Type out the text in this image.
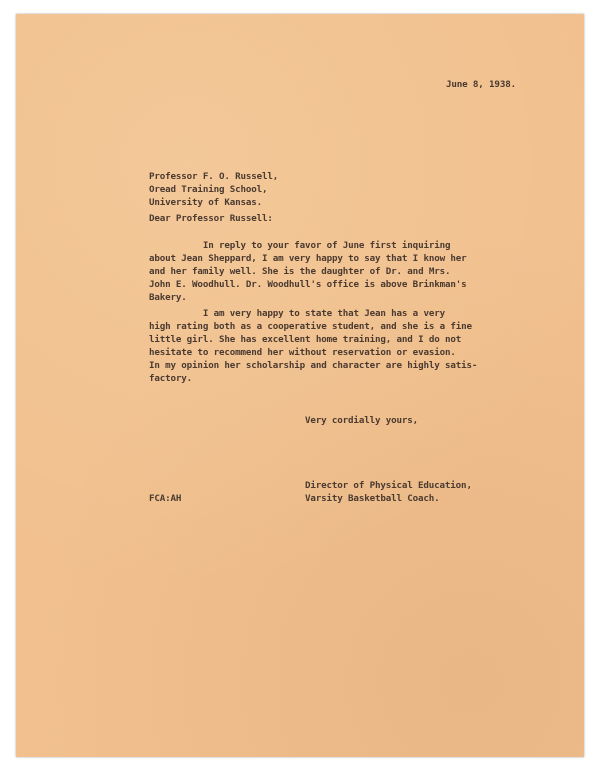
June 8, 1938.
Professor F. O. Russell,
Oread Training School,
University of Kansas.
Dear Professor Russell:
In reply to your favor of June first inquiring
about Jean Sheppard, I am very happy to say that I know her
and her family well. She is the daughter of Dr. and Mrs.
John E. Woodhull. Dr. Woodhull's office is above Brinkman's
Bakery.
I am very happy to state that Jean has a very
high rating both as a cooperative student, and she is a fine
little girl. She has excellent home training, and I do not
hesitate to recommend her without reservation or evasion.
In my opinion her scholarship and character are highly satis-
factory.
Very cordially yours,
Director of Physical Education,
Varsity Basketball Coach.
FCA:AH
